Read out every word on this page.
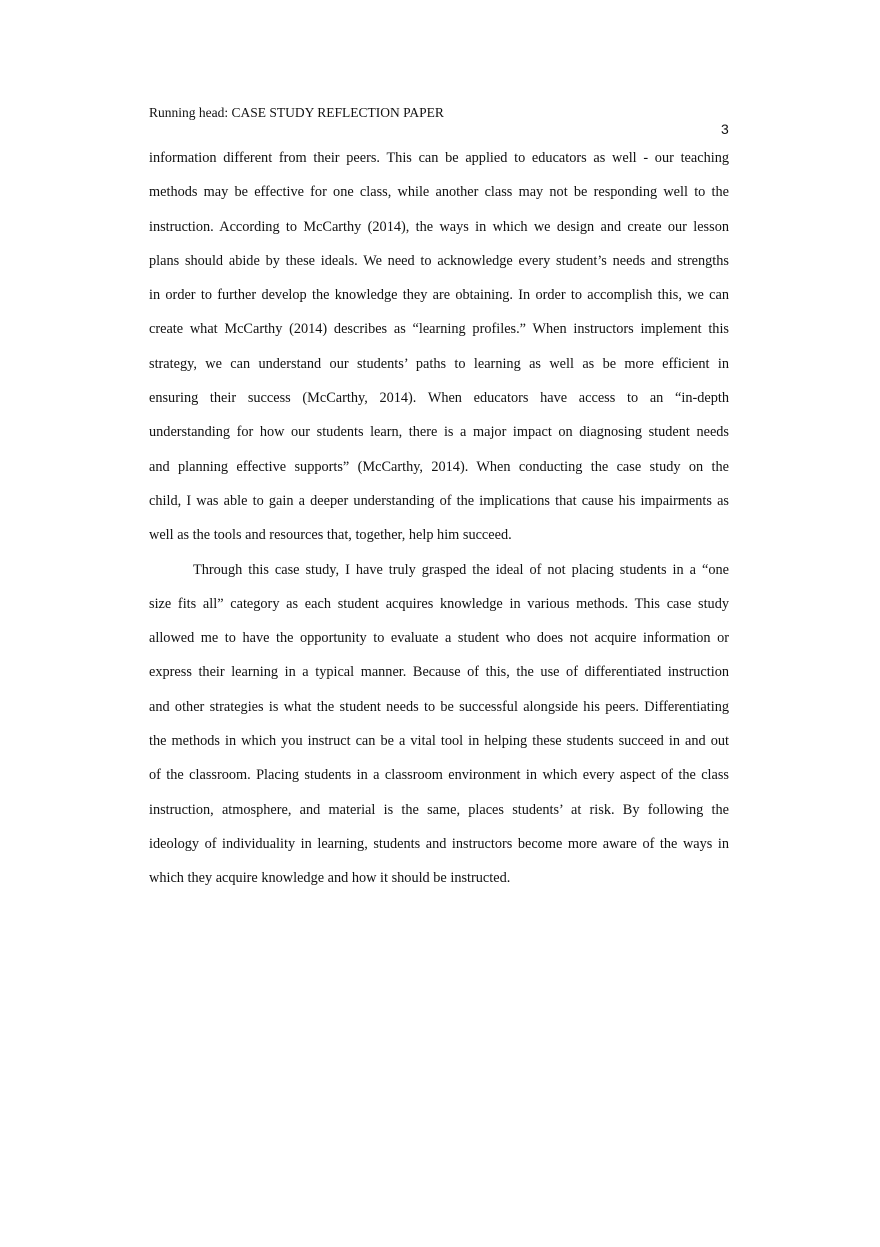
Running head: CASE STUDY REFLECTION PAPER
3
information different from their peers. This can be applied to educators as well - our teaching
methods may be effective for one class, while another class may not be responding well to the
instruction. According to McCarthy (2014), the ways in which we design and create our lesson
plans should abide by these ideals. We need to acknowledge every student’s needs and strengths
in order to further develop the knowledge they are obtaining. In order to accomplish this, we can
create what McCarthy (2014) describes as “learning profiles.” When instructors implement this
strategy, we can understand our students’ paths to learning as well as be more efficient in
ensuring their success (McCarthy, 2014). When educators have access to an “in-depth
understanding for how our students learn, there is a major impact on diagnosing student needs
and planning effective supports” (McCarthy, 2014). When conducting the case study on the
child, I was able to gain a deeper understanding of the implications that cause his impairments as
well as the tools and resources that, together, help him succeed.
Through this case study, I have truly grasped the ideal of not placing students in a “one
size fits all” category as each student acquires knowledge in various methods. This case study
allowed me to have the opportunity to evaluate a student who does not acquire information or
express their learning in a typical manner. Because of this, the use of differentiated instruction
and other strategies is what the student needs to be successful alongside his peers. Differentiating
the methods in which you instruct can be a vital tool in helping these students succeed in and out
of the classroom. Placing students in a classroom environment in which every aspect of the class
instruction, atmosphere, and material is the same, places students’ at risk. By following the
ideology of individuality in learning, students and instructors become more aware of the ways in
which they acquire knowledge and how it should be instructed.
